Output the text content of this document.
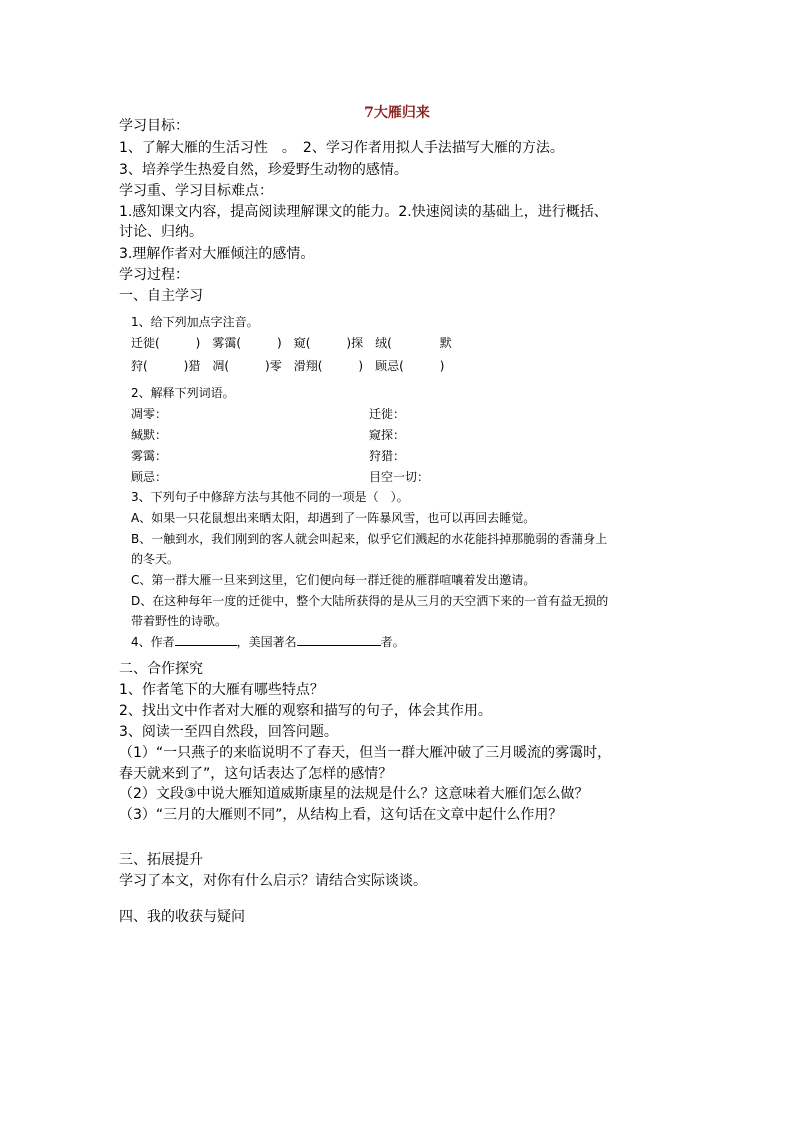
7大雁归来
学习目标：
1、了解大雁的生活习性　。　2、学习作者用拟人手法描写大雁的方法。
3、培养学生热爱自然，珍爱野生动物的感情。
学习重、学习目标难点：
1.感知课文内容，提高阅读理解课文的能力。2.快速阅读的基础上，进行概括、
讨论、归纳。
3.理解作者对大雁倾注的感情。
学习过程：
一、自主学习
1、给下列加点字注音。
迁徙(　　　)　雾霭(　　　)　窥(　　　)探　绒(　　　　默
狩(　　　)猎　凋(　　　)零　滑翔(　　　)　顾忌(　　　)
2、解释下列词语。
凋零：	迁徙：
缄默：	窥探：
雾霭：	狩猎：
顾忌：	目空一切：
3、下列句子中修辞方法与其他不同的一项是（　）。
A、如果一只花鼠想出来晒太阳，却遇到了一阵暴风雪，也可以再回去睡觉。
B、一触到水，我们刚到的客人就会叫起来，似乎它们溅起的水花能抖掉那脆弱的香蒲身上
的冬天。
C、第一群大雁一旦来到这里，它们便向每一群迁徙的雁群喧嚷着发出邀请。
D、在这种每年一度的迁徙中，整个大陆所获得的是从三月的天空洒下来的一首有益无损的
带着野性的诗歌。
4、作者	，美国著名	者。
二、合作探究
1、作者笔下的大雁有哪些特点？
2、找出文中作者对大雁的观察和描写的句子，体会其作用。
3、阅读一至四自然段，回答问题。
（1）“一只燕子的来临说明不了春天，但当一群大雁冲破了三月暖流的雾霭时，
春天就来到了”，这句话表达了怎样的感情？
（2）文段③中说大雁知道威斯康星的法规是什么？这意味着大雁们怎么做？
（3）“三月的大雁则不同”，从结构上看，这句话在文章中起什么作用？
三、拓展提升
学习了本文，对你有什么启示？请结合实际谈谈。
四、我的收获与疑问
